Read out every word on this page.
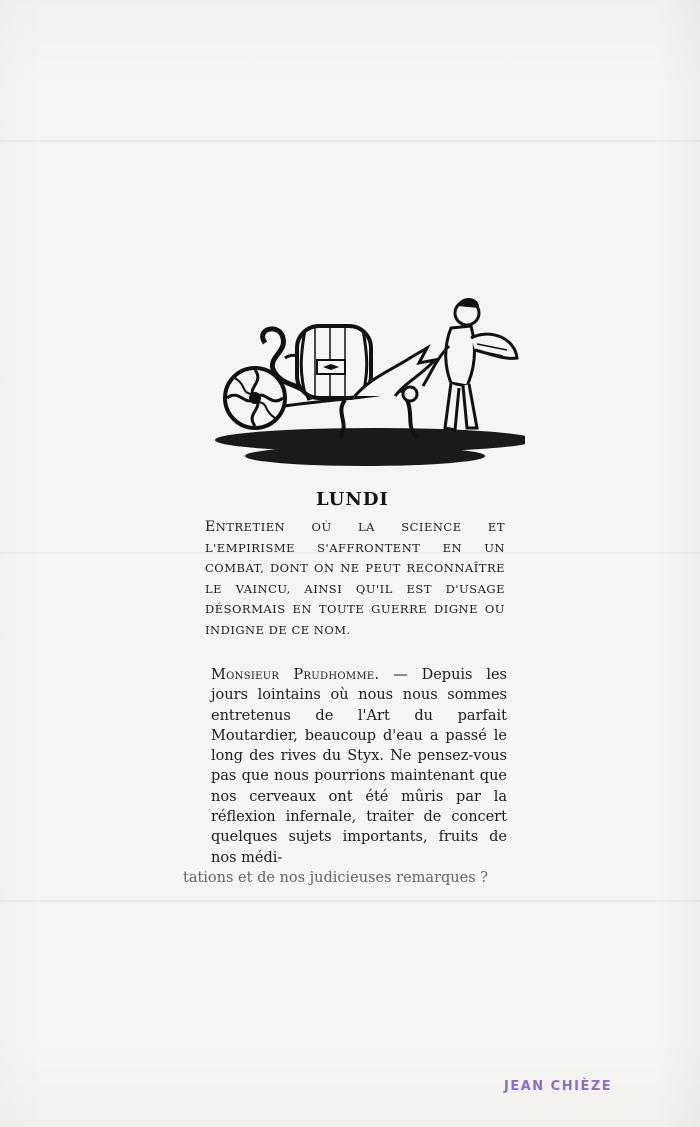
LUNDI
ENTRETIEN OÙ LA SCIENCE ET L'EMPIRISME S'AFFRONTENT EN UN COMBAT, DONT ON NE PEUT RECONNAÎTRE LE VAINCU, AINSI QU'IL EST D'USAGE DÉSORMAIS EN TOUTE GUERRE DIGNE OU INDIGNE DE CE NOM.
Monsieur Prudhomme. — Depuis les jours lointains où nous nous sommes entretenus de l'Art du parfait Moutardier, beaucoup d'eau a passé le long des rives du Styx. Ne pensez-vous pas que nous pourrions maintenant que nos cerveaux ont été mûris par la réflexion infernale, traiter de concert quelques sujets importants, fruits de nos médi-
tations et de nos judicieuses remarques ?
JEAN CHIÈZE
